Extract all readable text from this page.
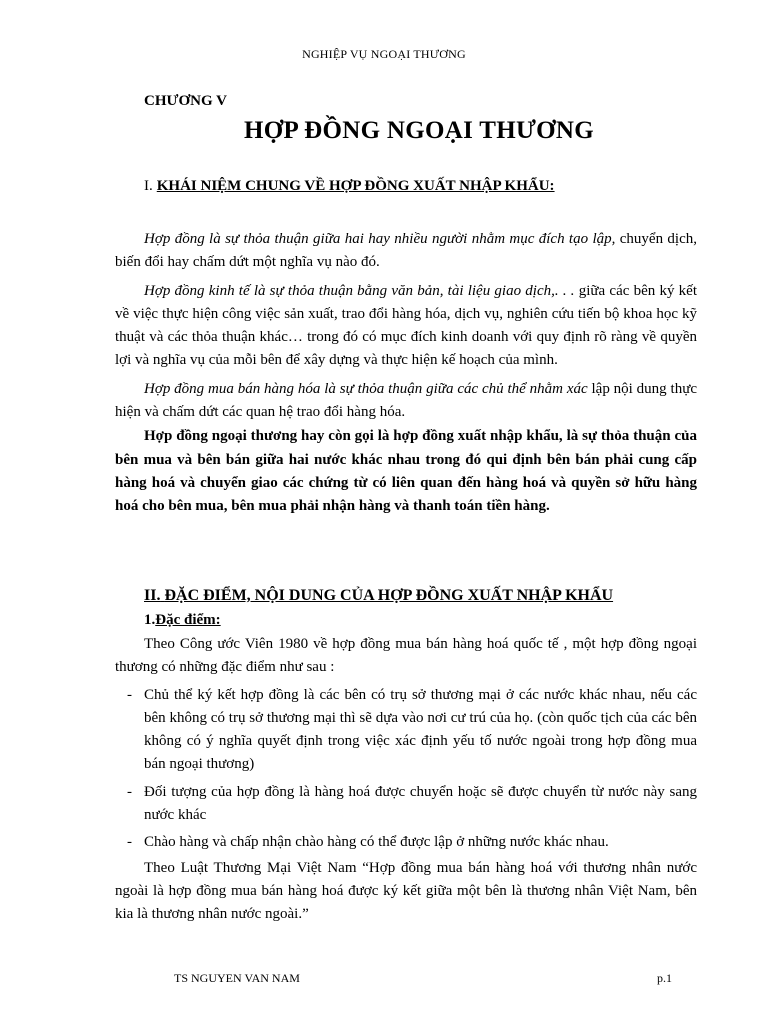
NGHIỆP VỤ NGOẠI THƯƠNG
CHƯƠNG V
HỢP ĐỒNG NGOẠI THƯƠNG
I. KHÁI NIỆM CHUNG VỀ HỢP ĐỒNG XUẤT NHẬP KHẨU:

Hợp đồng là sự thỏa thuận giữa hai hay nhiều người nhằm mục đích tạo lập, chuyển dịch, biến đổi hay chấm dứt một nghĩa vụ nào đó.

Hợp đồng kinh tế là sự thỏa thuận bằng văn bản, tài liệu giao dịch,. . . giữa các bên ký kết về việc thực hiện công việc sản xuất, trao đổi hàng hóa, dịch vụ, nghiên cứu tiến bộ khoa học kỹ thuật và các thỏa thuận khác… trong đó có mục đích kinh doanh với quy định rõ ràng về quyền lợi và nghĩa vụ của mỗi bên để xây dựng và thực hiện kế hoạch của mình.

Hợp đồng mua bán hàng hóa là sự thỏa thuận giữa các chủ thể nhằm xác lập nội dung thực hiện và chấm dứt các quan hệ trao đổi hàng hóa.

Hợp đồng ngoại thương hay còn gọi là hợp đồng xuất nhập khẩu, là sự thỏa thuận của bên mua và bên bán giữa hai nước khác nhau trong đó qui định bên bán phải cung cấp hàng hoá và chuyển giao các chứng từ có liên quan đến hàng hoá và quyền sở hữu hàng hoá cho bên mua, bên mua phải nhận hàng và thanh toán tiền hàng.

II. ĐẶC ĐIỂM, NỘI DUNG CỦA HỢP ĐỒNG XUẤT NHẬP KHẨU
1.Đặc điểm:

Theo Công ước Viên 1980 về hợp đồng mua bán hàng hoá quốc tế , một hợp đồng ngoại thương có những đặc điểm như sau :

- Chủ thể ký kết hợp đồng là các bên có trụ sở thương mại ở các nước khác nhau, nếu các bên không có trụ sở thương mại thì sẽ dựa vào nơi cư trú của họ. (còn quốc tịch của các bên không có ý nghĩa quyết định trong việc xác định yếu tố nước ngoài trong hợp đồng mua bán ngoại thương)
- Đối tượng của hợp đồng là hàng hoá được chuyển hoặc sẽ được chuyển từ nước này sang nước khác
- Chào hàng và chấp nhận chào hàng có thể được lập ở những nước khác nhau.

Theo Luật Thương Mại Việt Nam “Hợp đồng mua bán hàng hoá với thương nhân nước ngoài là hợp đồng mua bán hàng hoá được ký kết giữa một bên là thương nhân Việt Nam, bên kia là thương nhân nước ngoài.”

TS NGUYEN VAN NAM	p.1
